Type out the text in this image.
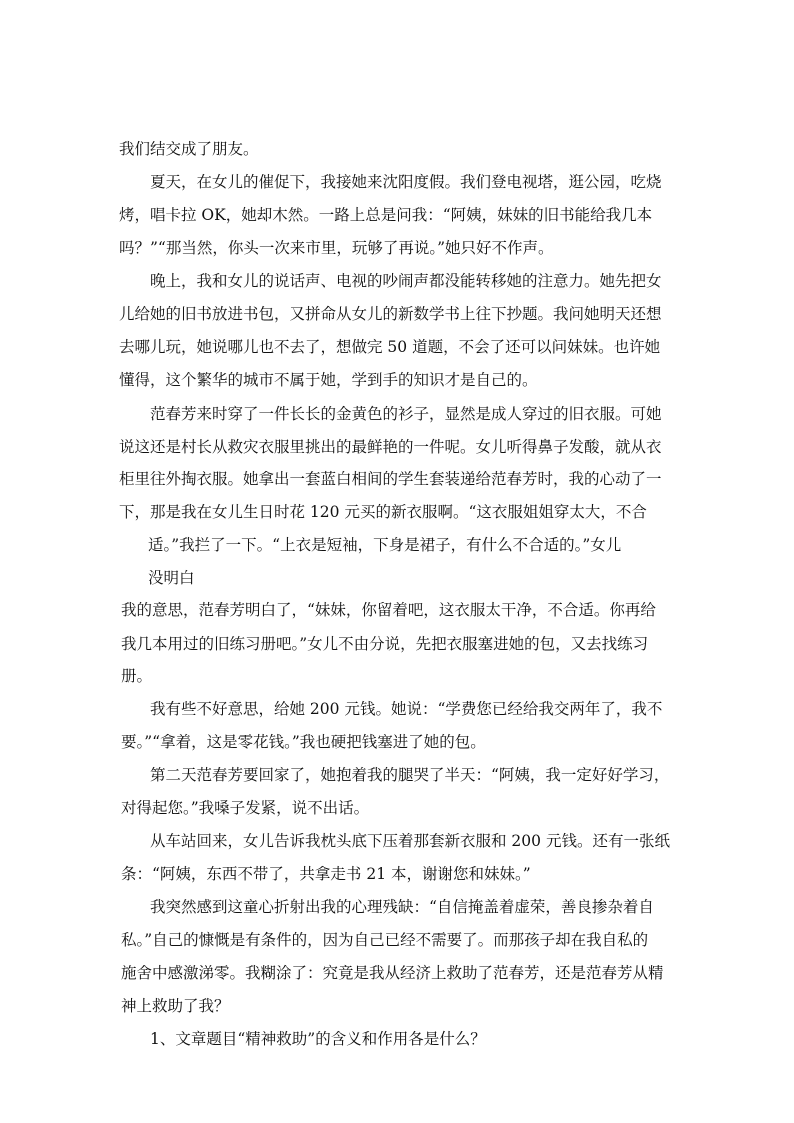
我们结交成了朋友。
夏天，在女儿的催促下，我接她来沈阳度假。我们登电视塔，逛公园，吃烧
烤，唱卡拉 OK，她却木然。一路上总是问我：“阿姨，妹妹的旧书能给我几本
吗？”“那当然，你头一次来市里，玩够了再说。”她只好不作声。
晚上，我和女儿的说话声、电视的吵闹声都没能转移她的注意力。她先把女
儿给她的旧书放进书包，又拼命从女儿的新数学书上往下抄题。我问她明天还想
去哪儿玩，她说哪儿也不去了，想做完 50 道题，不会了还可以问妹妹。也许她
懂得，这个繁华的城市不属于她，学到手的知识才是自己的。
范春芳来时穿了一件长长的金黄色的衫子，显然是成人穿过的旧衣服。可她
说这还是村长从救灾衣服里挑出的最鲜艳的一件呢。女儿听得鼻子发酸，就从衣
柜里往外掏衣服。她拿出一套蓝白相间的学生套装递给范春芳时，我的心动了一
下，那是我在女儿生日时花 120 元买的新衣服啊。“这衣服姐姐穿太大，不合
适。”我拦了一下。“上衣是短袖，下身是裙子，有什么不合适的。”女儿
没明白
我的意思，范春芳明白了，“妹妹，你留着吧，这衣服太干净，不合适。你再给
我几本用过的旧练习册吧。”女儿不由分说，先把衣服塞进她的包，又去找练习
册。
我有些不好意思，给她 200 元钱。她说：“学费您已经给我交两年了，我不
要。”“拿着，这是零花钱。”我也硬把钱塞进了她的包。
第二天范春芳要回家了，她抱着我的腿哭了半天：“阿姨，我一定好好学习，
对得起您。”我嗓子发紧，说不出话。
从车站回来，女儿告诉我枕头底下压着那套新衣服和 200 元钱。还有一张纸
条：“阿姨，东西不带了，共拿走书 21 本，谢谢您和妹妹。”
我突然感到这童心折射出我的心理残缺：“自信掩盖着虚荣，善良掺杂着自
私。”自己的慷慨是有条件的，因为自己已经不需要了。而那孩子却在我自私的
施舍中感激涕零。我糊涂了：究竟是我从经济上救助了范春芳，还是范春芳从精
神上救助了我？
1、文章题目“精神救助”的含义和作用各是什么？
